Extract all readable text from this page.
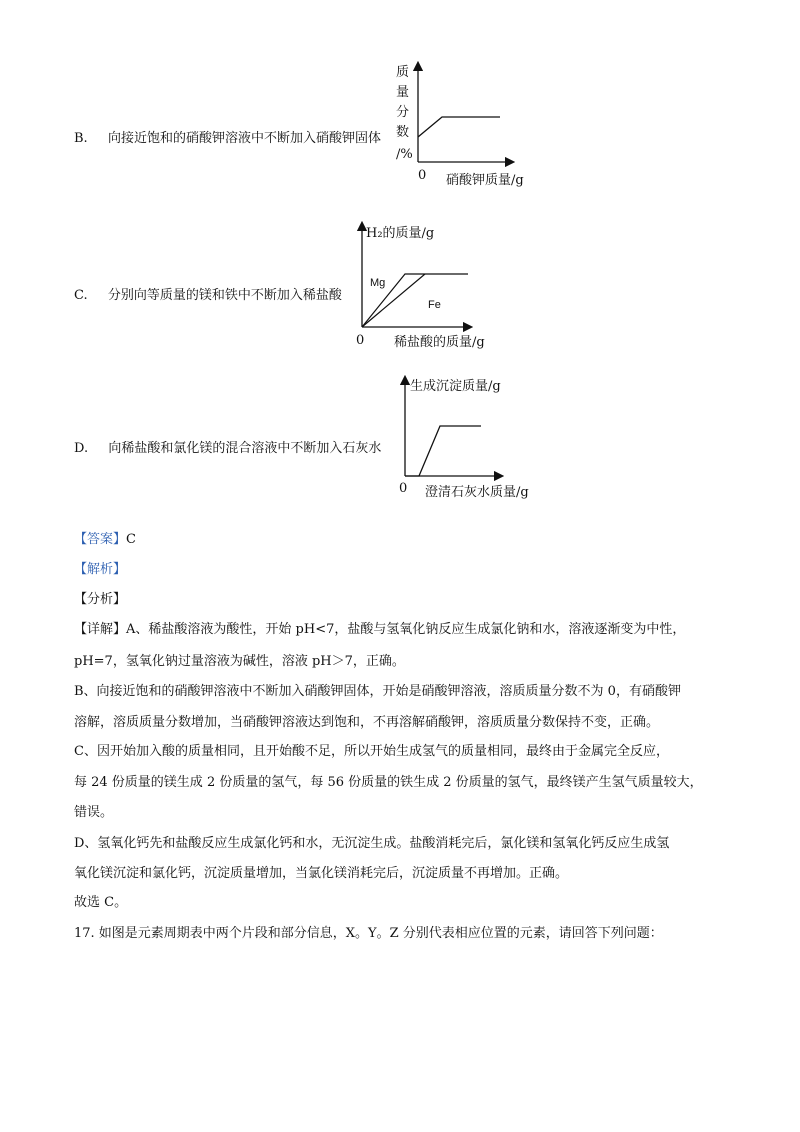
B. 向接近饱和的硝酸钾溶液中不断加入硝酸钾固体
质
量
分
数
/%
0 硝酸钾质量/g
C. 分别向等质量的镁和铁中不断加入稀盐酸
H₂的质量/g
Mg
Fe
0 稀盐酸的质量/g
D. 向稀盐酸和氯化镁的混合溶液中不断加入石灰水
生成沉淀质量/g
0 澄清石灰水质量/g
【答案】C
【解析】
【分析】
【详解】A、稀盐酸溶液为酸性，开始 pH<7，盐酸与氢氧化钠反应生成氯化钠和水，溶液逐渐变为中性，
pH=7，氢氧化钠过量溶液为碱性，溶液 pH＞7，正确。
B、向接近饱和的硝酸钾溶液中不断加入硝酸钾固体，开始是硝酸钾溶液，溶质质量分数不为 0，有硝酸钾
溶解，溶质质量分数增加，当硝酸钾溶液达到饱和，不再溶解硝酸钾，溶质质量分数保持不变，正确。
C、因开始加入酸的质量相同，且开始酸不足，所以开始生成氢气的质量相同，最终由于金属完全反应，
每 24 份质量的镁生成 2 份质量的氢气，每 56 份质量的铁生成 2 份质量的氢气，最终镁产生氢气质量较大，
错误。
D、氢氧化钙先和盐酸反应生成氯化钙和水，无沉淀生成。盐酸消耗完后，氯化镁和氢氧化钙反应生成氢
氧化镁沉淀和氯化钙，沉淀质量增加，当氯化镁消耗完后，沉淀质量不再增加。正确。
故选 C。
17. 如图是元素周期表中两个片段和部分信息，X。Y。Z 分别代表相应位置的元素，请回答下列问题：
